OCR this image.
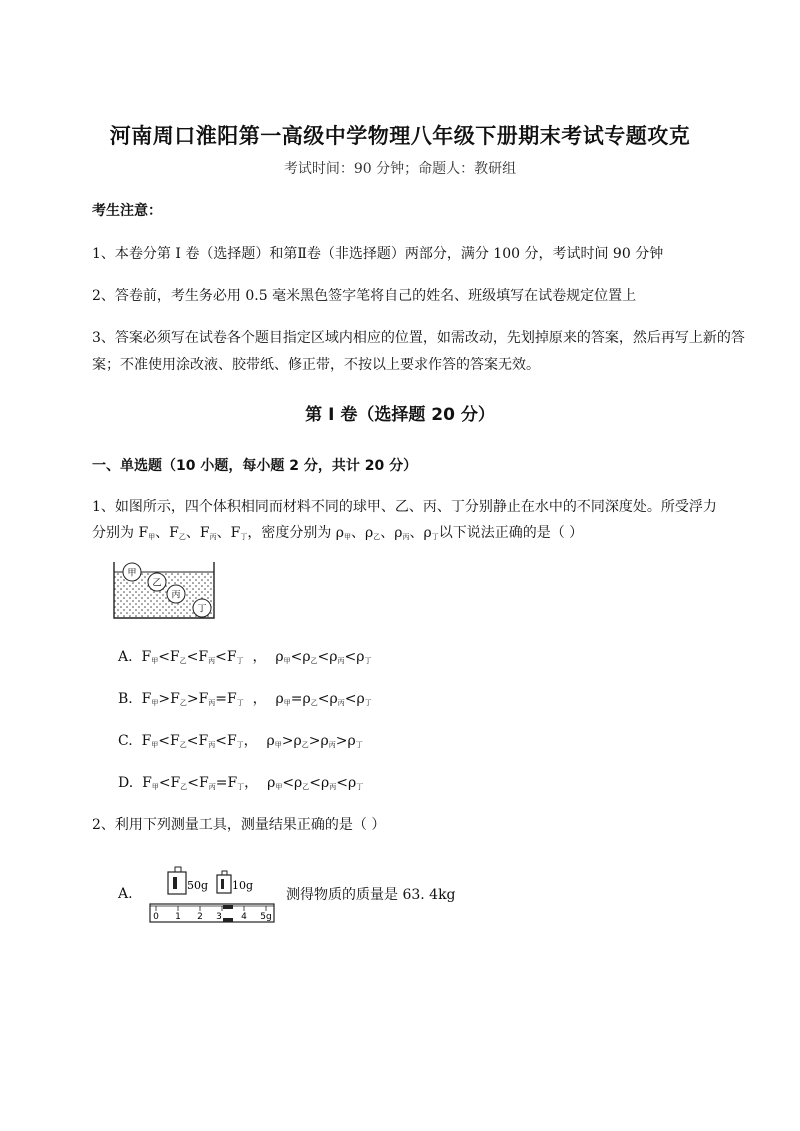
河南周口淮阳第一高级中学物理八年级下册期末考试专题攻克
考试时间：90 分钟；命题人：教研组
考生注意：
1、本卷分第 I 卷（选择题）和第Ⅱ卷（非选择题）两部分，满分 100 分，考试时间 90 分钟
2、答卷前，考生务必用 0.5 毫米黑色签字笔将自己的姓名、班级填写在试卷规定位置上
3、答案必须写在试卷各个题目指定区域内相应的位置，如需改动，先划掉原来的答案，然后再写上新的答案；不准使用涂改液、胶带纸、修正带，不按以上要求作答的答案无效。
第 I 卷（选择题 20 分）
一、单选题（10 小题，每小题 2 分，共计 20 分）
1、如图所示，四个体积相同而材料不同的球甲、乙、丙、丁分别静止在水中的不同深度处。所受浮力
分别为 $F_甲$、$F_乙$、$F_丙$、$F_丁$，密度分别为 $\rho_甲$、$\rho_乙$、$\rho_丙$、$\rho_丁$以下说法正确的是（ ）
甲
乙
丙
丁
A.  $F_甲<F_乙<F_丙<F_丁$  ，  $\rho_甲<\rho_乙<\rho_丙<\rho_丁$
B.  $F_甲>F_乙>F_丙=F_丁$  ，  $\rho_甲=\rho_乙<\rho_丙<\rho_丁$
C.  $F_甲<F_乙<F_丙<F_丁$，  $\rho_甲>\rho_乙>\rho_丙>\rho_丁$
D.  $F_甲<F_乙<F_丙=F_丁$，  $\rho_甲<\rho_乙<\rho_丙<\rho_丁$
2、利用下列测量工具，测量结果正确的是（ ）
A.
50g 10g
0 1 2 3 4 5g
测得物质的质量是 63. 4kg
